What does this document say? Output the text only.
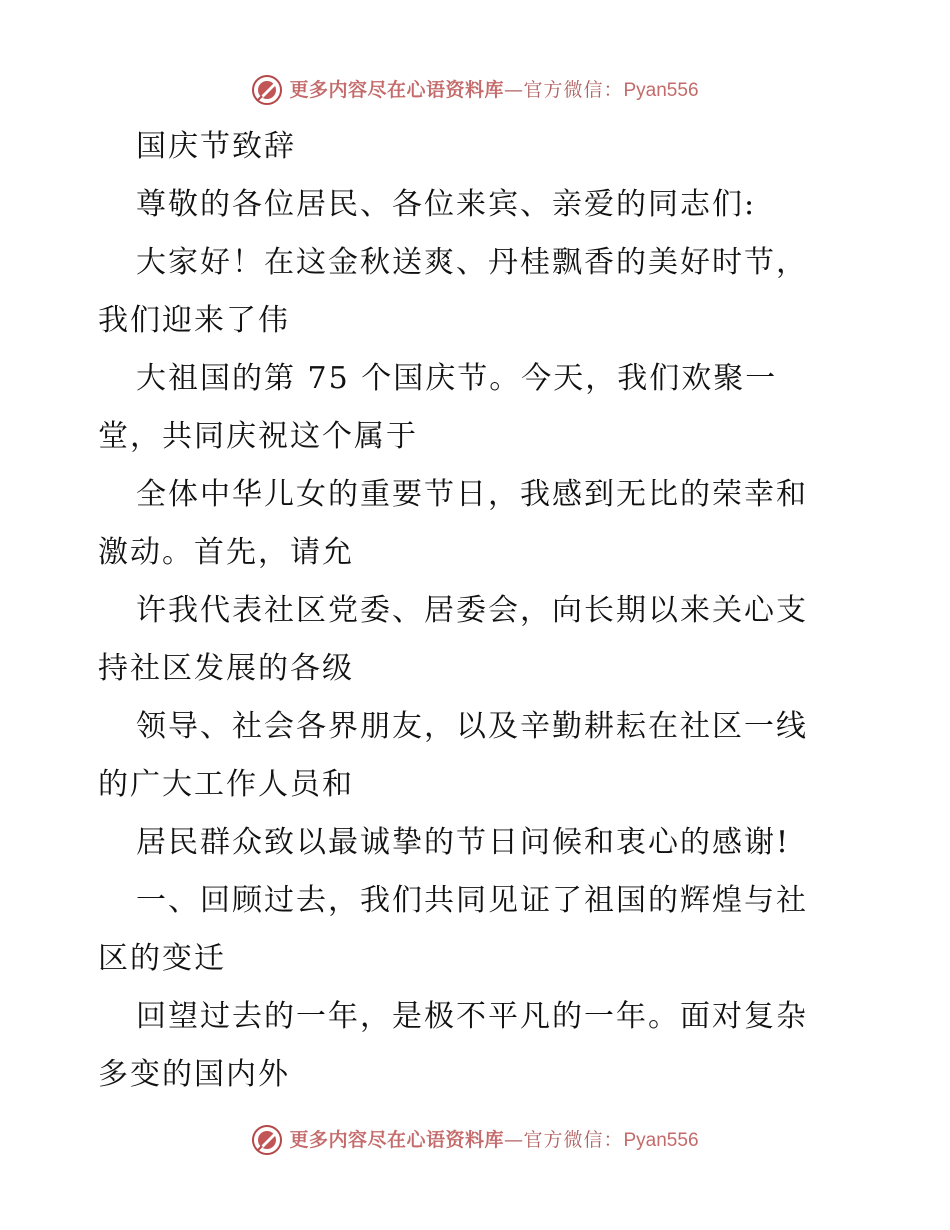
更多内容尽在心语资料库 — 官方微信： Pyan556

国庆节致辞

尊敬的各位居民、各位来宾、亲爱的同志们:

大家好！在这金秋送爽、丹桂飘香的美好时节，

我们迎来了伟

大祖国的第 75 个国庆节。今天，我们欢聚一

堂，共同庆祝这个属于

全体中华儿女的重要节日，我感到无比的荣幸和

激动。首先，请允

许我代表社区党委、居委会，向长期以来关心支

持社区发展的各级

领导、社会各界朋友，以及辛勤耕耘在社区一线

的广大工作人员和

居民群众致以最诚挚的节日问候和衷心的感谢!

一、回顾过去，我们共同见证了祖国的辉煌与社

区的变迁

回望过去的一年，是极不平凡的一年。面对复杂

多变的国内外

更多内容尽在心语资料库 — 官方微信： Pyan556
